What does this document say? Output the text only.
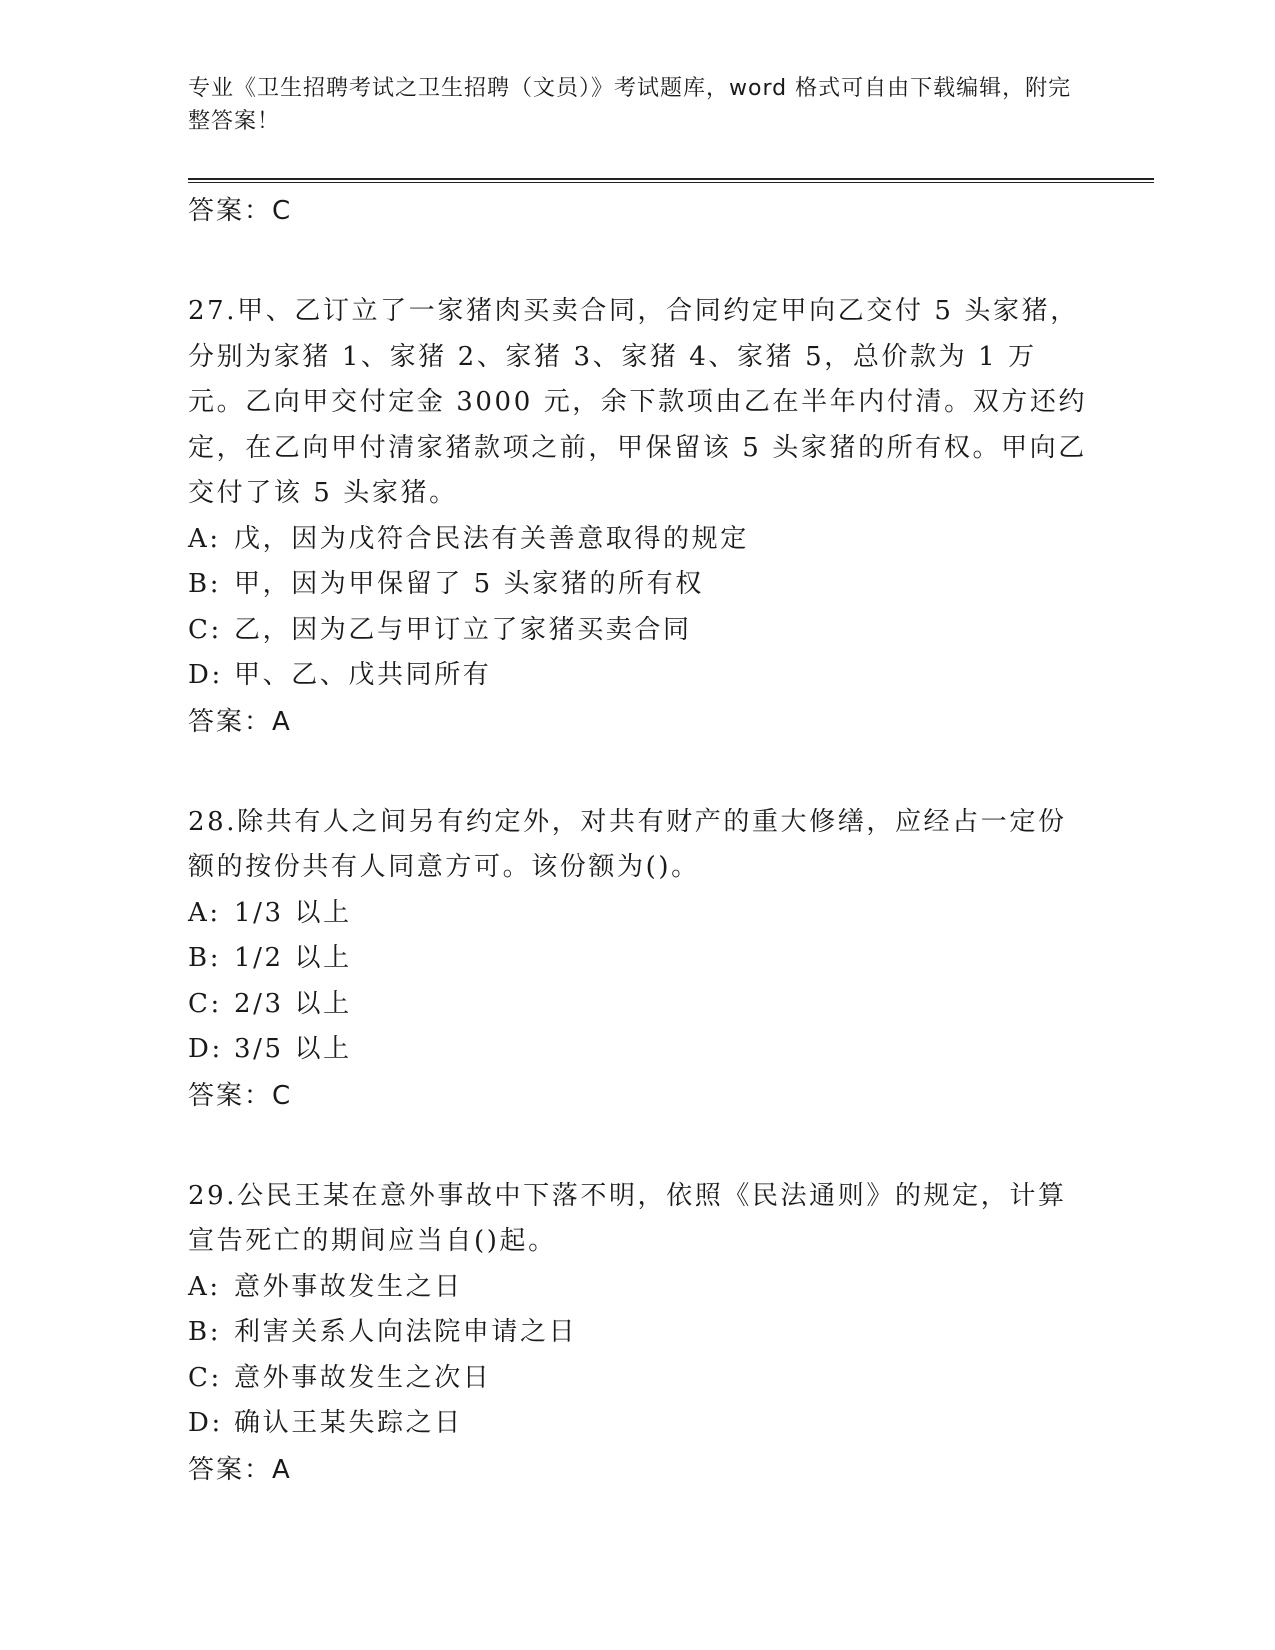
专业《卫生招聘考试之卫生招聘（文员）》考试题库，word 格式可自由下载编辑，附完整答案！
答案：C
27.甲、乙订立了一家猪肉买卖合同，合同约定甲向乙交付 5 头家猪，分别为家猪 1、家猪 2、家猪 3、家猪 4、家猪 5，总价款为 1 万元。乙向甲交付定金 3000 元，余下款项由乙在半年内付清。双方还约定，在乙向甲付清家猪款项之前，甲保留该 5 头家猪的所有权。甲向乙交付了该 5 头家猪。
A: 戊，因为戊符合民法有关善意取得的规定
B: 甲，因为甲保留了 5 头家猪的所有权
C: 乙，因为乙与甲订立了家猪买卖合同
D: 甲、乙、戊共同所有
答案：A
28.除共有人之间另有约定外，对共有财产的重大修缮，应经占一定份额的按份共有人同意方可。该份额为()。
A: 1/3 以上
B: 1/2 以上
C: 2/3 以上
D: 3/5 以上
答案：C
29.公民王某在意外事故中下落不明，依照《民法通则》的规定，计算宣告死亡的期间应当自()起。
A: 意外事故发生之日
B: 利害关系人向法院申请之日
C: 意外事故发生之次日
D: 确认王某失踪之日
答案：A
